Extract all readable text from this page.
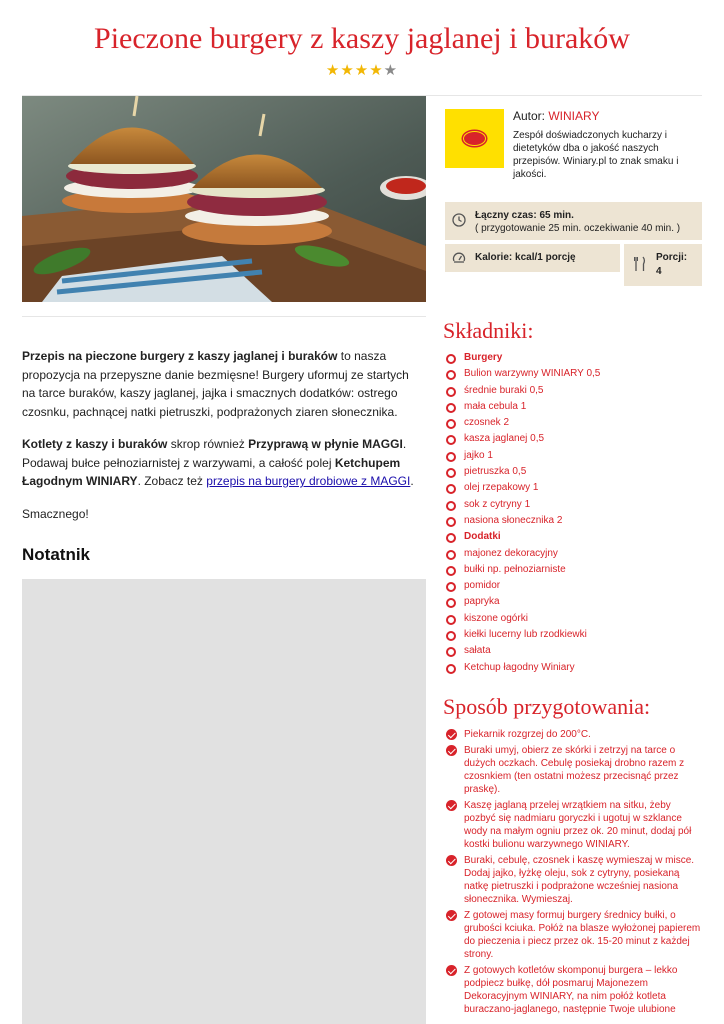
Pieczone burgery z kaszy jaglanej i buraków
★★★★★
Autor: WINIARY
Zespół doświadczonych kucharzy i dietetyków dba o jakość naszych przepisów. Winiary.pl to znak smaku i jakości.
Łączny czas: 65 min.
( przygotowanie 25 min. oczekiwanie 40 min. )
Kalorie: kcal/1 porcję	Porcji:
4

Przepis na pieczone burgery z kaszy jaglanej i buraków to nasza propozycja na przepyszne danie bezmięsne! Burgery uformuj ze startych na tarce buraków, kaszy jaglanej, jajka i smacznych dodatków: ostrego czosnku, pachnącej natki pietruszki, podprażonych ziaren słonecznika.

Kotlety z kaszy i buraków skrop również Przyprawą w płynie MAGGI. Podawaj bułce pełnoziarnistej z warzywami, a całość polej Ketchupem Łagodnym WINIARY. Zobacz też przepis na burgery drobiowe z MAGGI.

Smacznego!

Notatnik
Składniki:
Burgery
Bulion warzywny WINIARY 0,5
średnie buraki 0,5
mała cebula 1
czosnek 2
kasza jaglanej 0,5
jajko 1
pietruszka 0,5
olej rzepakowy 1
sok z cytryny 1
nasiona słonecznika 2
Dodatki
majonez dekoracyjny
bułki np. pełnoziarniste
pomidor
papryka
kiszone ogórki
kiełki lucerny lub rzodkiewki
sałata
Ketchup łagodny Winiary
Sposób przygotowania:
Piekarnik rozgrzej do 200°C.
Buraki umyj, obierz ze skórki i zetrzyj na tarce o dużych oczkach. Cebulę posiekaj drobno razem z czosnkiem (ten ostatni możesz przecisnąć przez praskę).
Kaszę jaglaną przelej wrzątkiem na sitku, żeby pozbyć się nadmiaru goryczki i ugotuj w szklance wody na małym ogniu przez ok. 20 minut, dodaj pół kostki bulionu warzywnego WINIARY.
Buraki, cebulę, czosnek i kaszę wymieszaj w misce. Dodaj jajko, łyżkę oleju, sok z cytryny, posiekaną natkę pietruszki i podprażone wcześniej nasiona słonecznika. Wymieszaj.
Z gotowej masy formuj burgery średnicy bułki, o grubości kciuka. Połóż na blasze wyłożonej papierem do pieczenia i piecz przez ok. 15-20 minut z każdej strony.
Z gotowych kotletów skomponuj burgera – lekko podpiecz bułkę, dół posmaruj Majonezem Dekoracyjnym WINIARY, na nim połóż kotleta buraczano-jaglanego, następnie Twoje ulubione
